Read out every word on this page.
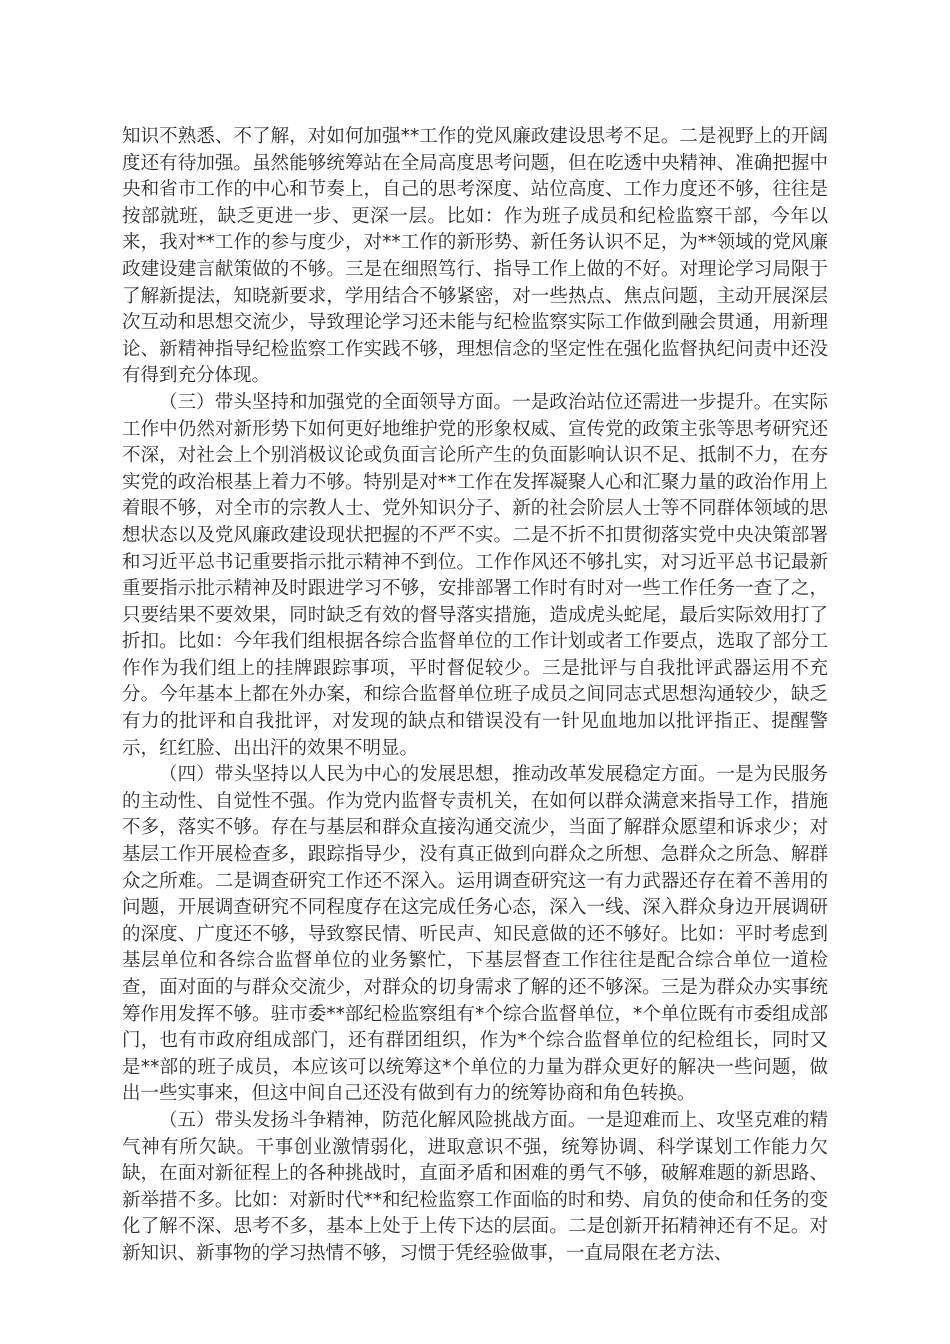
知识不熟悉、不了解，对如何加强**工作的党风廉政建设思考不足。二是视野上的开阔度还有待加强。虽然能够统筹站在全局高度思考问题，但在吃透中央精神、准确把握中央和省市工作的中心和节奏上，自己的思考深度、站位高度、工作力度还不够，往往是按部就班，缺乏更进一步、更深一层。比如：作为班子成员和纪检监察干部，今年以来，我对**工作的参与度少，对**工作的新形势、新任务认识不足，为**领域的党风廉政建设建言献策做的不够。三是在细照笃行、指导工作上做的不好。对理论学习局限于了解新提法，知晓新要求，学用结合不够紧密，对一些热点、焦点问题，主动开展深层次互动和思想交流少，导致理论学习还未能与纪检监察实际工作做到融会贯通，用新理论、新精神指导纪检监察工作实践不够，理想信念的坚定性在强化监督执纪问责中还没有得到充分体现。

（三）带头坚持和加强党的全面领导方面。一是政治站位还需进一步提升。在实际工作中仍然对新形势下如何更好地维护党的形象权威、宣传党的政策主张等思考研究还不深，对社会上个别消极议论或负面言论所产生的负面影响认识不足、抵制不力，在夯实党的政治根基上着力不够。特别是对**工作在发挥凝聚人心和汇聚力量的政治作用上着眼不够，对全市的宗教人士、党外知识分子、新的社会阶层人士等不同群体领域的思想状态以及党风廉政建设现状把握的不严不实。二是不折不扣贯彻落实党中央决策部署和习近平总书记重要指示批示精神不到位。工作作风还不够扎实，对习近平总书记最新重要指示批示精神及时跟进学习不够，安排部署工作时有时对一些工作任务一查了之，只要结果不要效果，同时缺乏有效的督导落实措施，造成虎头蛇尾，最后实际效用打了折扣。比如：今年我们组根据各综合监督单位的工作计划或者工作要点，选取了部分工作作为我们组上的挂牌跟踪事项，平时督促较少。三是批评与自我批评武器运用不充分。今年基本上都在外办案，和综合监督单位班子成员之间同志式思想沟通较少，缺乏有力的批评和自我批评，对发现的缺点和错误没有一针见血地加以批评指正、提醒警示，红红脸、出出汗的效果不明显。

（四）带头坚持以人民为中心的发展思想，推动改革发展稳定方面。一是为民服务的主动性、自觉性不强。作为党内监督专责机关，在如何以群众满意来指导工作，措施不多，落实不够。存在与基层和群众直接沟通交流少，当面了解群众愿望和诉求少；对基层工作开展检查多，跟踪指导少，没有真正做到向群众之所想、急群众之所急、解群众之所难。二是调查研究工作还不深入。运用调查研究这一有力武器还存在着不善用的问题，开展调查研究不同程度存在这完成任务心态，深入一线、深入群众身边开展调研的深度、广度还不够，导致察民情、听民声、知民意做的还不够好。比如：平时考虑到基层单位和各综合监督单位的业务繁忙，下基层督查工作往往是配合综合单位一道检查，面对面的与群众交流少，对群众的切身需求了解的还不够深。三是为群众办实事统筹作用发挥不够。驻市委**部纪检监察组有*个综合监督单位，*个单位既有市委组成部门，也有市政府组成部门，还有群团组织，作为*个综合监督单位的纪检组长，同时又是**部的班子成员，本应该可以统筹这*个单位的力量为群众更好的解决一些问题，做出一些实事来，但这中间自己还没有做到有力的统筹协商和角色转换。

（五）带头发扬斗争精神，防范化解风险挑战方面。一是迎难而上、攻坚克难的精气神有所欠缺。干事创业激情弱化，进取意识不强，统筹协调、科学谋划工作能力欠缺，在面对新征程上的各种挑战时，直面矛盾和困难的勇气不够，破解难题的新思路、新举措不多。比如：对新时代**和纪检监察工作面临的时和势、肩负的使命和任务的变化了解不深、思考不多，基本上处于上传下达的层面。二是创新开拓精神还有不足。对新知识、新事物的学习热情不够，习惯于凭经验做事，一直局限在老方法、
